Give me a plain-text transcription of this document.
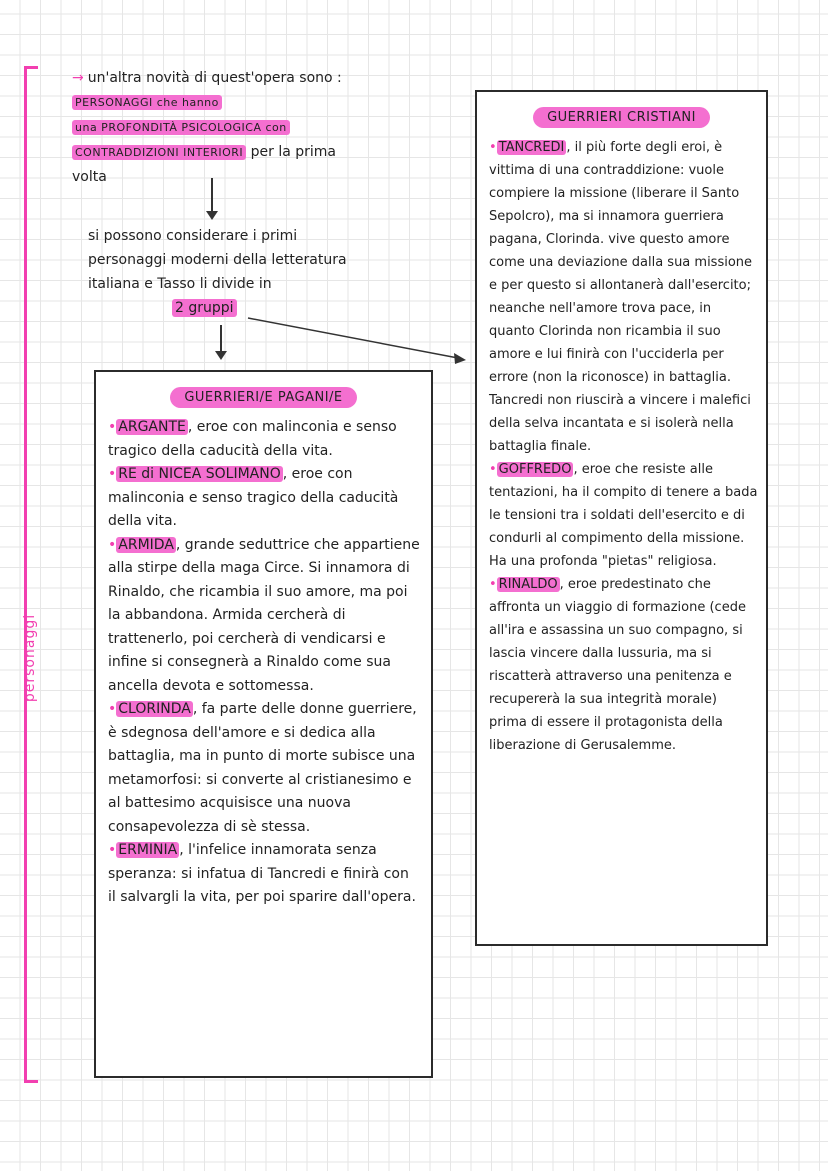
personaggi

→ un'altra novità di quest'opera sono : PERSONAGGI che hanno

una PROFONDITÀ PSICOLOGICA con

CONTRADDIZIONI INTERIORI per la prima volta

si possono considerare i primi personaggi moderni della letteratura italiana e Tasso li divide in

2 gruppi
GUERRIERI/E PAGANI/E

• ARGANTE , eroe con malinconia e senso tragico della caducità della vita.

• RE di NICEA SOLIMANO , eroe con malinconia e senso tragico della caducità della vita.

• ARMIDA , grande seduttrice che appartiene alla stirpe della maga Circe. Si innamora di Rinaldo, che ricambia il suo amore, ma poi la abbandona. Armida cercherà di trattenerlo, poi cercherà di vendicarsi e infine si consegnerà a Rinaldo come sua ancella devota e sottomessa.

• CLORINDA , fa parte delle donne guerriere, è sdegnosa dell'amore e si dedica alla battaglia, ma in punto di morte subisce una metamorfosi: si converte al cristianesimo e al battesimo acquisisce una nuova consapevolezza di sè stessa.

• ERMINIA , l'infelice innamorata senza speranza: si infatua di Tancredi e finirà con il salvargli la vita, per poi sparire dall'opera.

GUERRIERI CRISTIANI

• TANCREDI , il più forte degli eroi, è vittima di una contraddizione: vuole compiere la missione (liberare il Santo Sepolcro), ma si innamora guerriera pagana, Clorinda. vive questo amore come una deviazione dalla sua missione e per questo si allontanerà dall'esercito; neanche nell'amore trova pace, in quanto Clorinda non ricambia il suo amore e lui finirà con l'ucciderla per errore (non la riconosce) in battaglia. Tancredi non riuscirà a vincere i malefici della selva incantata e si isolerà nella battaglia finale.

• GOFFREDO , eroe che resiste alle tentazioni, ha il compito di tenere a bada le tensioni tra i soldati dell'esercito e di condurli al compimento della missione. Ha una profonda "pietas" religiosa.

• RINALDO , eroe predestinato che affronta un viaggio di formazione (cede all'ira e assassina un suo compagno, si lascia vincere dalla lussuria, ma si riscatterà attraverso una penitenza e recupererà la sua integrità morale) prima di essere il protagonista della liberazione di Gerusalemme.
